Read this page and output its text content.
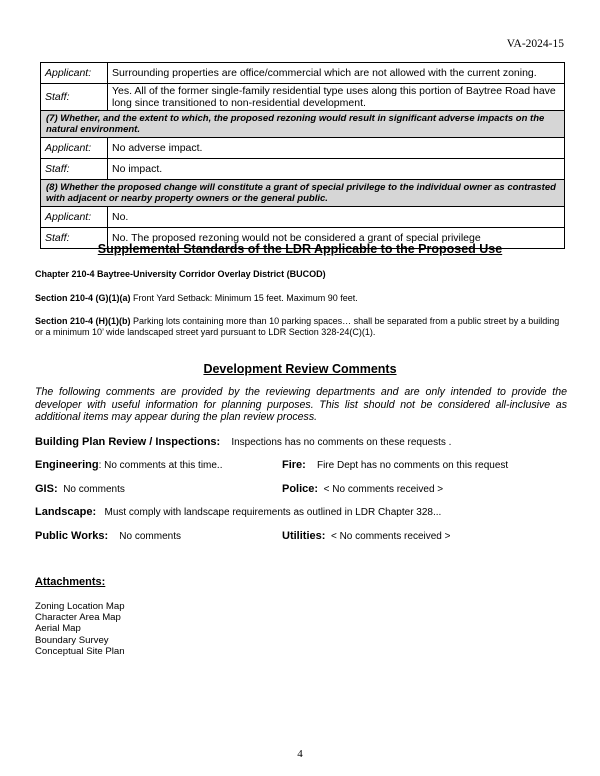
VA-2024-15
Applicant:	Surrounding properties are office/commercial which are not allowed with the current zoning.
Staff:	Yes. All of the former single-family residential type uses along this portion of Baytree Road have long since transitioned to non-residential development.
(7) Whether, and the extent to which, the proposed rezoning would result in significant adverse impacts on the natural environment.	
Applicant:	No adverse impact.
Staff:	No impact.
(8) Whether the proposed change will constitute a grant of special privilege to the individual owner as contrasted with adjacent or nearby property owners or the general public.	
Applicant:	No.
Staff:	No. The proposed rezoning would not be considered a grant of special privilege
Supplemental Standards of the LDR Applicable to the Proposed Use
Chapter 210-4 Baytree-University Corridor Overlay District (BUCOD)
Section 210-4 (G)(1)(a) Front Yard Setback: Minimum 15 feet. Maximum 90 feet.
Section 210-4 (H)(1)(b) Parking lots containing more than 10 parking spaces… shall be separated from a public street by a building or a minimum 10’ wide landscaped street yard pursuant to LDR Section 328-24(C)(1).
Development Review Comments
The following comments are provided by the reviewing departments and are only intended to provide the developer with useful information for planning purposes. This list should not be considered all-inclusive as additional items may appear during the plan review process.
Building Plan Review / Inspections: Inspections has no comments on these requests .
Engineering: No comments at this time..	Fire: Fire Dept has no comments on this request
GIS: No comments	Police: < No comments received >
Landscape: Must comply with landscape requirements as outlined in LDR Chapter 328...
Public Works: No comments	Utilities: < No comments received >
Attachments:
Zoning Location Map
Character Area Map
Aerial Map
Boundary Survey
Conceptual Site Plan
4
